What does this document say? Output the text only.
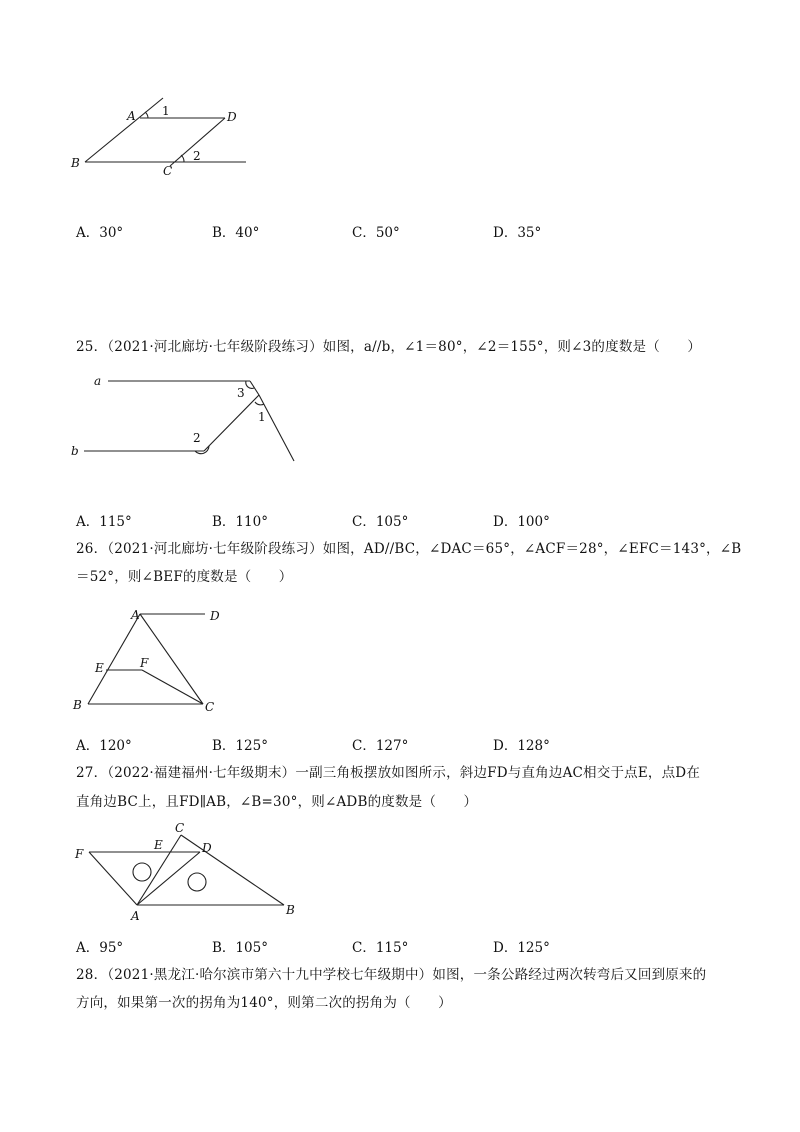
A
B
C
D
1
2
A．30°	B．40°	C．50°	D．35°
25．（2021·河北廊坊·七年级阶段练习）如图，a//b，∠1＝80°，∠2＝155°，则∠3的度数是（　　）
a
b
3
1
2
A．115°	B．110°	C．105°	D．100°
26．（2021·河北廊坊·七年级阶段练习）如图，AD//BC，∠DAC＝65°，∠ACF＝28°，∠EFC＝143°，∠B
＝52°，则∠BEF的度数是（　　）
A	D
E	F
B	C
A．120°	B．125°	C．127°	D．128°
27．（2022·福建福州·七年级期末）一副三角板摆放如图所示，斜边FD与直角边AC相交于点E，点D在
直角边BC上，且FD∥AB，∠B=30°，则∠ADB的度数是（　　）
F
E
C
D
A	B
A．95°	B．105°	C．115°	D．125°
28．（2021·黑龙江·哈尔滨市第六十九中学校七年级期中）如图，一条公路经过两次转弯后又回到原来的
方向，如果第一次的拐角为140°，则第二次的拐角为（　　）
